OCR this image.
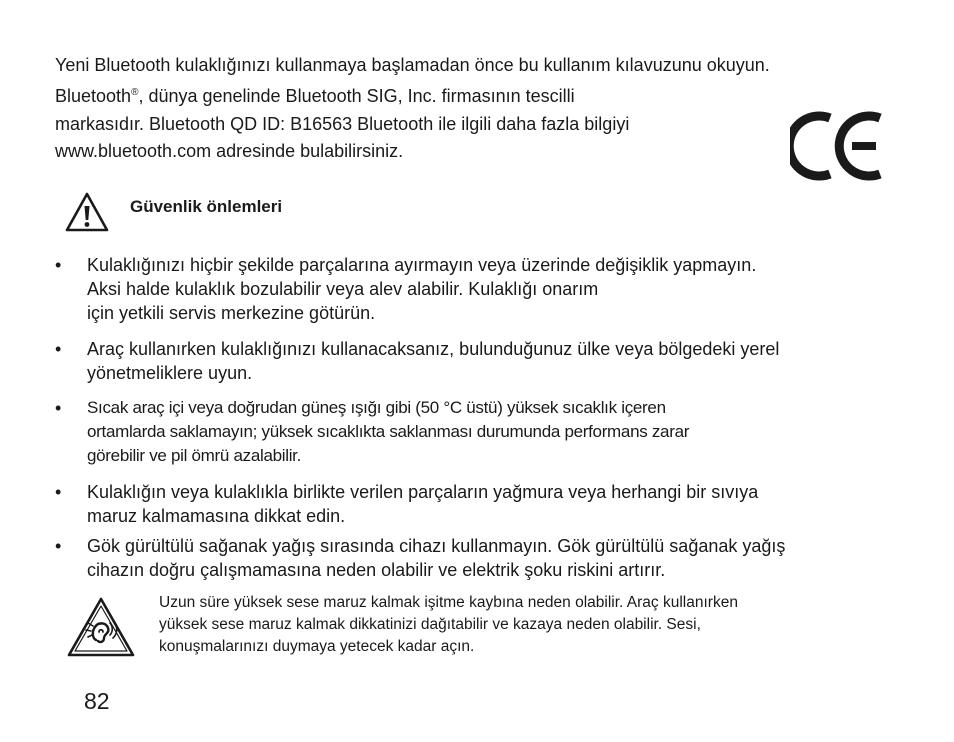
Yeni Bluetooth kulaklığınızı kullanmaya başlamadan önce bu kullanım kılavuzunu okuyun.
Bluetooth®, dünya genelinde Bluetooth SIG, Inc. firmasının tescilli
markasıdır. Bluetooth QD ID: B16563 Bluetooth ile ilgili daha fazla bilgiyi
www.bluetooth.com adresinde bulabilirsiniz.
Güvenlik önlemleri
•	Kulaklığınızı hiçbir şekilde parçalarına ayırmayın veya üzerinde değişiklik yapmayın.
Aksi halde kulaklık bozulabilir veya alev alabilir. Kulaklığı onarım
için yetkili servis merkezine götürün.
•	Araç kullanırken kulaklığınızı kullanacaksanız, bulunduğunuz ülke veya bölgedeki yerel
yönetmeliklere uyun.
•	Sıcak araç içi veya doğrudan güneş ışığı gibi (50 °C üstü) yüksek sıcaklık içeren
ortamlarda saklamayın; yüksek sıcaklıkta saklanması durumunda performans zarar
görebilir ve pil ömrü azalabilir.
•	Kulaklığın veya kulaklıkla birlikte verilen parçaların yağmura veya herhangi bir sıvıya
maruz kalmamasına dikkat edin.
•	Gök gürültülü sağanak yağış sırasında cihazı kullanmayın. Gök gürültülü sağanak yağış
cihazın doğru çalışmamasına neden olabilir ve elektrik şoku riskini artırır.
Uzun süre yüksek sese maruz kalmak işitme kaybına neden olabilir. Araç kullanırken
yüksek sese maruz kalmak dikkatinizi dağıtabilir ve kazaya neden olabilir. Sesi,
konuşmalarınızı duymaya yetecek kadar açın.
82
